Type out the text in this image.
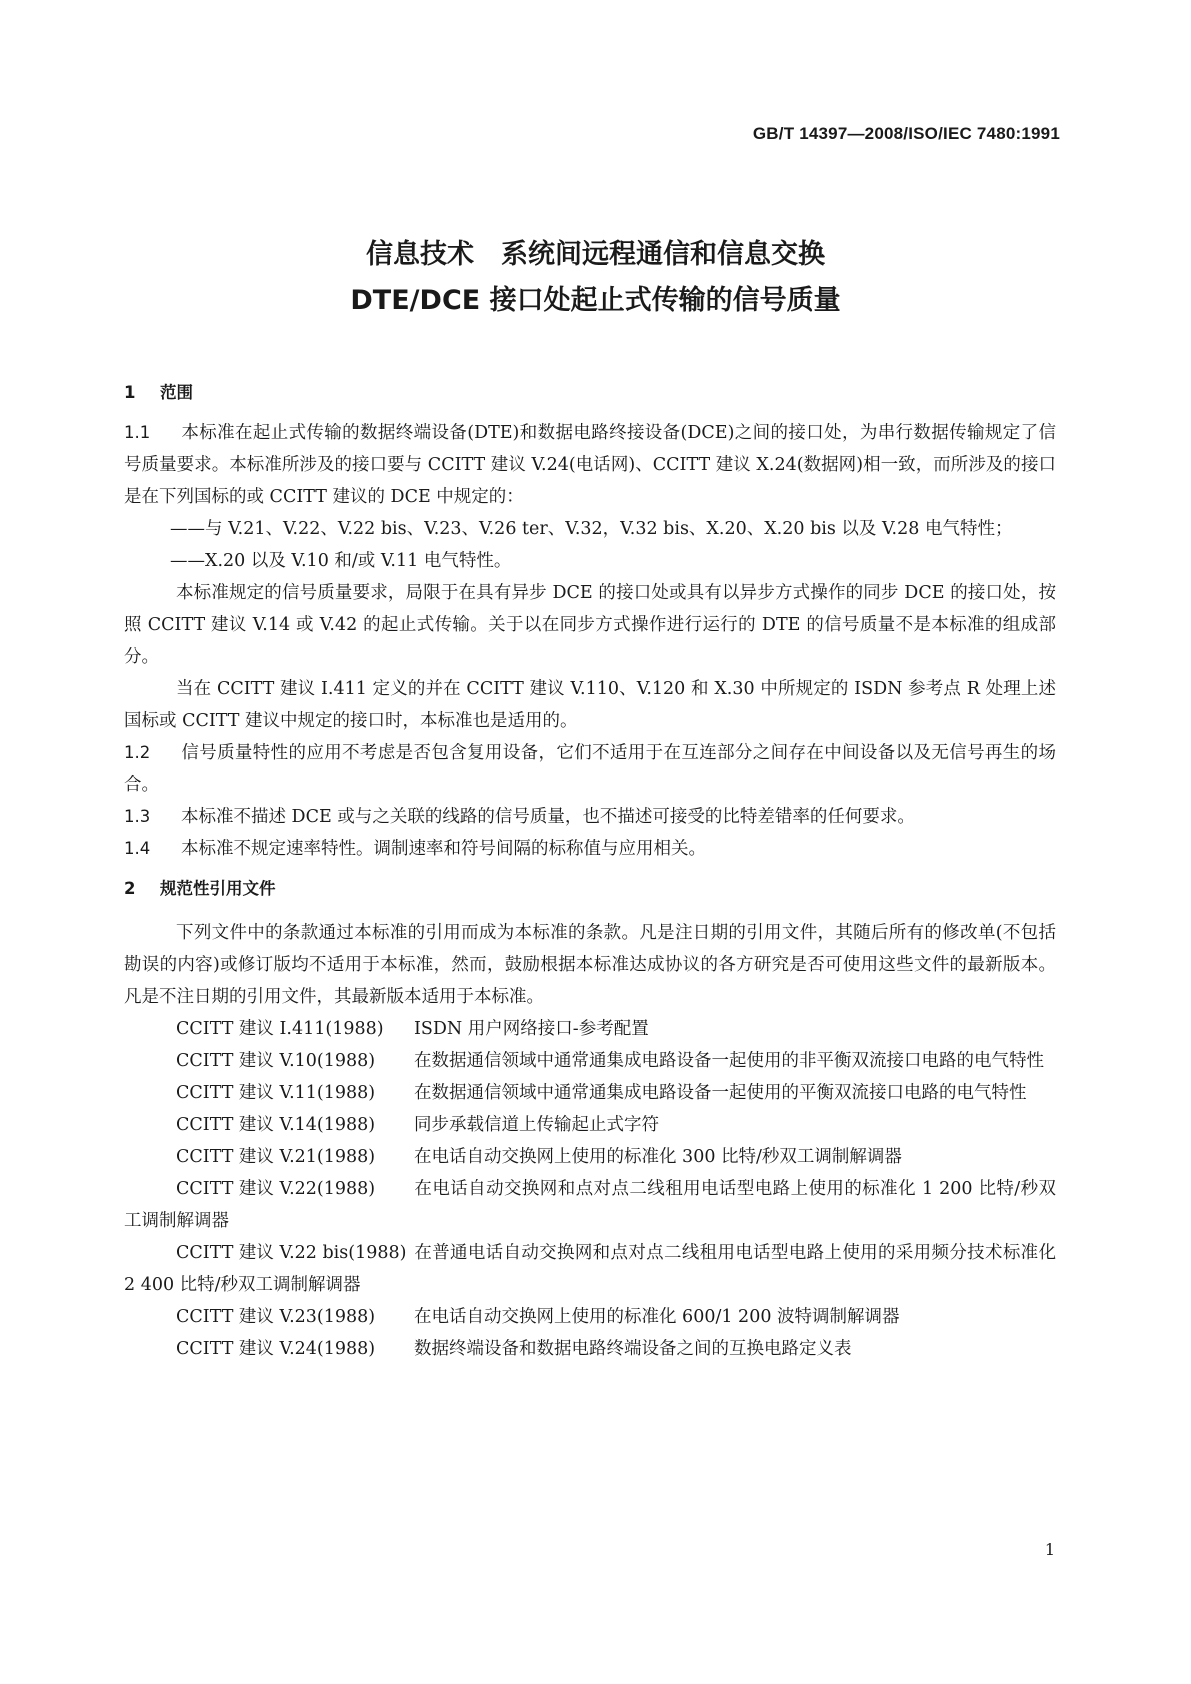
GB/T 14397—2008/ISO/IEC 7480:1991
信息技术　系统间远程通信和信息交换
DTE/DCE 接口处起止式传输的信号质量
1 范围
1.1 本标准在起止式传输的数据终端设备(DTE)和数据电路终接设备(DCE)之间的接口处，为串行数据传输规定了信号质量要求。本标准所涉及的接口要与 CCITT 建议 V.24(电话网)、CCITT 建议 X.24(数据网)相一致，而所涉及的接口是在下列国标的或 CCITT 建议的 DCE 中规定的：
——与 V.21、V.22、V.22 bis、V.23、V.26 ter、V.32，V.32 bis、X.20、X.20 bis 以及 V.28 电气特性；
——X.20 以及 V.10 和/或 V.11 电气特性。
本标准规定的信号质量要求，局限于在具有异步 DCE 的接口处或具有以异步方式操作的同步 DCE 的接口处，按照 CCITT 建议 V.14 或 V.42 的起止式传输。关于以在同步方式操作进行运行的 DTE 的信号质量不是本标准的组成部分。
当在 CCITT 建议 I.411 定义的并在 CCITT 建议 V.110、V.120 和 X.30 中所规定的 ISDN 参考点 R 处理上述国标或 CCITT 建议中规定的接口时，本标准也是适用的。
1.2 信号质量特性的应用不考虑是否包含复用设备，它们不适用于在互连部分之间存在中间设备以及无信号再生的场合。
1.3 本标准不描述 DCE 或与之关联的线路的信号质量，也不描述可接受的比特差错率的任何要求。
1.4 本标准不规定速率特性。调制速率和符号间隔的标称值与应用相关。
2 规范性引用文件
下列文件中的条款通过本标准的引用而成为本标准的条款。凡是注日期的引用文件，其随后所有的修改单(不包括勘误的内容)或修订版均不适用于本标准，然而，鼓励根据本标准达成协议的各方研究是否可使用这些文件的最新版本。凡是不注日期的引用文件，其最新版本适用于本标准。
CCITT 建议 I.411(1988) ISDN 用户网络接口-参考配置
CCITT 建议 V.10(1988) 在数据通信领域中通常通集成电路设备一起使用的非平衡双流接口电路的电气特性
CCITT 建议 V.11(1988) 在数据通信领域中通常通集成电路设备一起使用的平衡双流接口电路的电气特性
CCITT 建议 V.14(1988) 同步承载信道上传输起止式字符
CCITT 建议 V.21(1988) 在电话自动交换网上使用的标准化 300 比特/秒双工调制解调器
CCITT 建议 V.22(1988) 在电话自动交换网和点对点二线租用电话型电路上使用的标准化 1 200 比特/秒双工调制解调器
CCITT 建议 V.22 bis(1988) 在普通电话自动交换网和点对点二线租用电话型电路上使用的采用频分技术标准化 2 400 比特/秒双工调制解调器
CCITT 建议 V.23(1988) 在电话自动交换网上使用的标准化 600/1 200 波特调制解调器
CCITT 建议 V.24(1988) 数据终端设备和数据电路终端设备之间的互换电路定义表
1
